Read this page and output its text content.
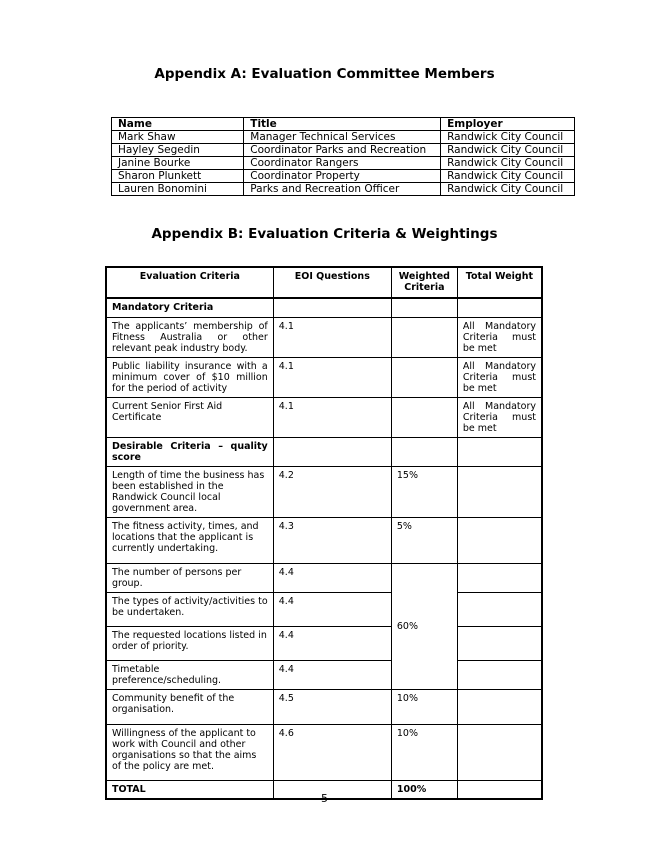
Appendix A: Evaluation Committee Members
Name	Title	Employer
Mark Shaw	Manager Technical Services	Randwick City Council
Hayley Segedin	Coordinator Parks and Recreation	Randwick City Council
Janine Bourke	Coordinator Rangers	Randwick City Council
Sharon Plunkett	Coordinator Property	Randwick City Council
Lauren Bonomini	Parks and Recreation Officer	Randwick City Council
Appendix B: Evaluation Criteria & Weightings
Evaluation Criteria	EOI Questions	Weighted Criteria	Total Weight
Mandatory Criteria			
The applicants’ membership of Fitness Australia or other relevant peak industry body.	4.1		All Mandatory Criteria must be met
Public liability insurance with a minimum cover of $10 million for the period of activity	4.1		All Mandatory Criteria must be met
Current Senior First Aid Certificate	4.1		All Mandatory Criteria must be met
Desirable Criteria – quality score			
Length of time the business has been established in the Randwick Council local government area.	4.2	15%	
The fitness activity, times, and locations that the applicant is currently undertaking.	4.3	5%	
The number of persons per group.	4.4	60%	
The types of activity/activities to be undertaken.	4.4		
The requested locations listed in order of priority.	4.4		
Timetable preference/scheduling.	4.4		
Community benefit of the organisation.	4.5	10%	
Willingness of the applicant to work with Council and other organisations so that the aims of the policy are met.	4.6	10%	
TOTAL		100%	
5
